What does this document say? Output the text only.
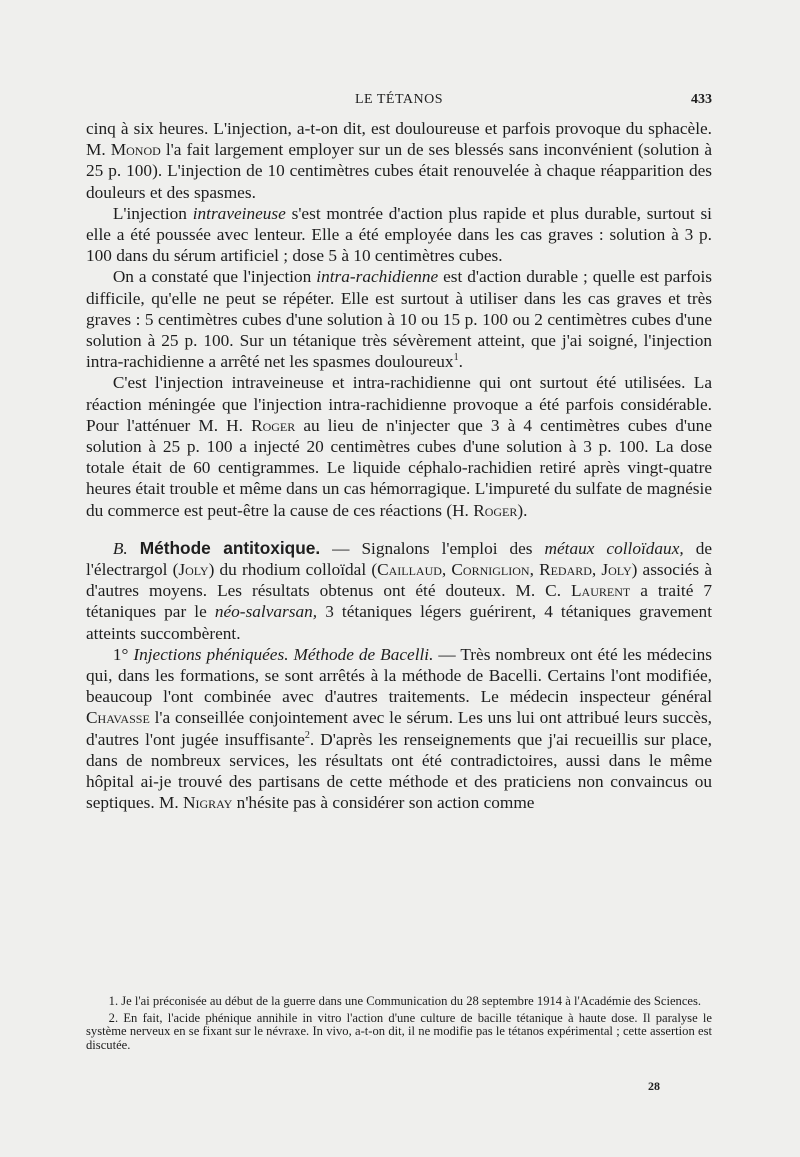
LE TÉTANOS	433

cinq à six heures. L'injection, a-t-on dit, est douloureuse et parfois provoque du sphacèle. M. Monod l'a fait largement employer sur un de ses blessés sans inconvénient (solution à 25 p. 100). L'injection de 10 centimètres cubes était renouvelée à chaque réapparition des douleurs et des spasmes.

L'injection intraveineuse s'est montrée d'action plus rapide et plus durable, surtout si elle a été poussée avec lenteur. Elle a été employée dans les cas graves : solution à 3 p. 100 dans du sérum artificiel ; dose 5 à 10 centimètres cubes.

On a constaté que l'injection intra-rachidienne est d'action durable ; quelle est parfois difficile, qu'elle ne peut se répéter. Elle est surtout à utiliser dans les cas graves et très graves : 5 centimètres cubes d'une solution à 10 ou 15 p. 100 ou 2 centimètres cubes d'une solution à 25 p. 100. Sur un tétanique très sévèrement atteint, que j'ai soigné, l'injection intra-rachidienne a arrêté net les spasmes douloureux$^1$.

C'est l'injection intraveineuse et intra-rachidienne qui ont surtout été utilisées. La réaction méningée que l'injection intra-rachidienne provoque a été parfois considérable. Pour l'atténuer M. H. Roger au lieu de n'injecter que 3 à 4 centimètres cubes d'une solution à 25 p. 100 a injecté 20 centimètres cubes d'une solution à 3 p. 100. La dose totale était de 60 centigrammes. Le liquide céphalo-rachidien retiré après vingt-quatre heures était trouble et même dans un cas hémorragique. L'impureté du sulfate de magnésie du commerce est peut-être la cause de ces réactions (H. Roger).

B. Méthode antitoxique. — Signalons l'emploi des métaux colloïdaux, de l'électrargol (Joly) du rhodium colloïdal (Caillaud, Corniglion, Redard, Joly) associés à d'autres moyens. Les résultats obtenus ont été douteux. M. C. Laurent a traité 7 tétaniques par le néo-salvarsan, 3 tétaniques légers guérirent, 4 tétaniques gravement atteints succombèrent.

1° Injections phéniquées. Méthode de Bacelli. — Très nombreux ont été les médecins qui, dans les formations, se sont arrêtés à la méthode de Bacelli. Certains l'ont modifiée, beaucoup l'ont combinée avec d'autres traitements. Le médecin inspecteur général Chavasse l'a conseillée conjointement avec le sérum. Les uns lui ont attribué leurs succès, d'autres l'ont jugée insuffisante$^2$. D'après les renseignements que j'ai recueillis sur place, dans de nombreux services, les résultats ont été contradictoires, aussi dans le même hôpital ai-je trouvé des partisans de cette méthode et des praticiens non convaincus ou septiques. M. Nigray n'hésite pas à considérer son action comme

1. Je l'ai préconisée au début de la guerre dans une Communication du 28 septembre 1914 à l'Académie des Sciences.

2. En fait, l'acide phénique annihile in vitro l'action d'une culture de bacille tétanique à haute dose. Il paralyse le système nerveux en se fixant sur le névraxe. In vivo, a-t-on dit, il ne modifie pas le tétanos expérimental ; cette assertion est discutée.

28
